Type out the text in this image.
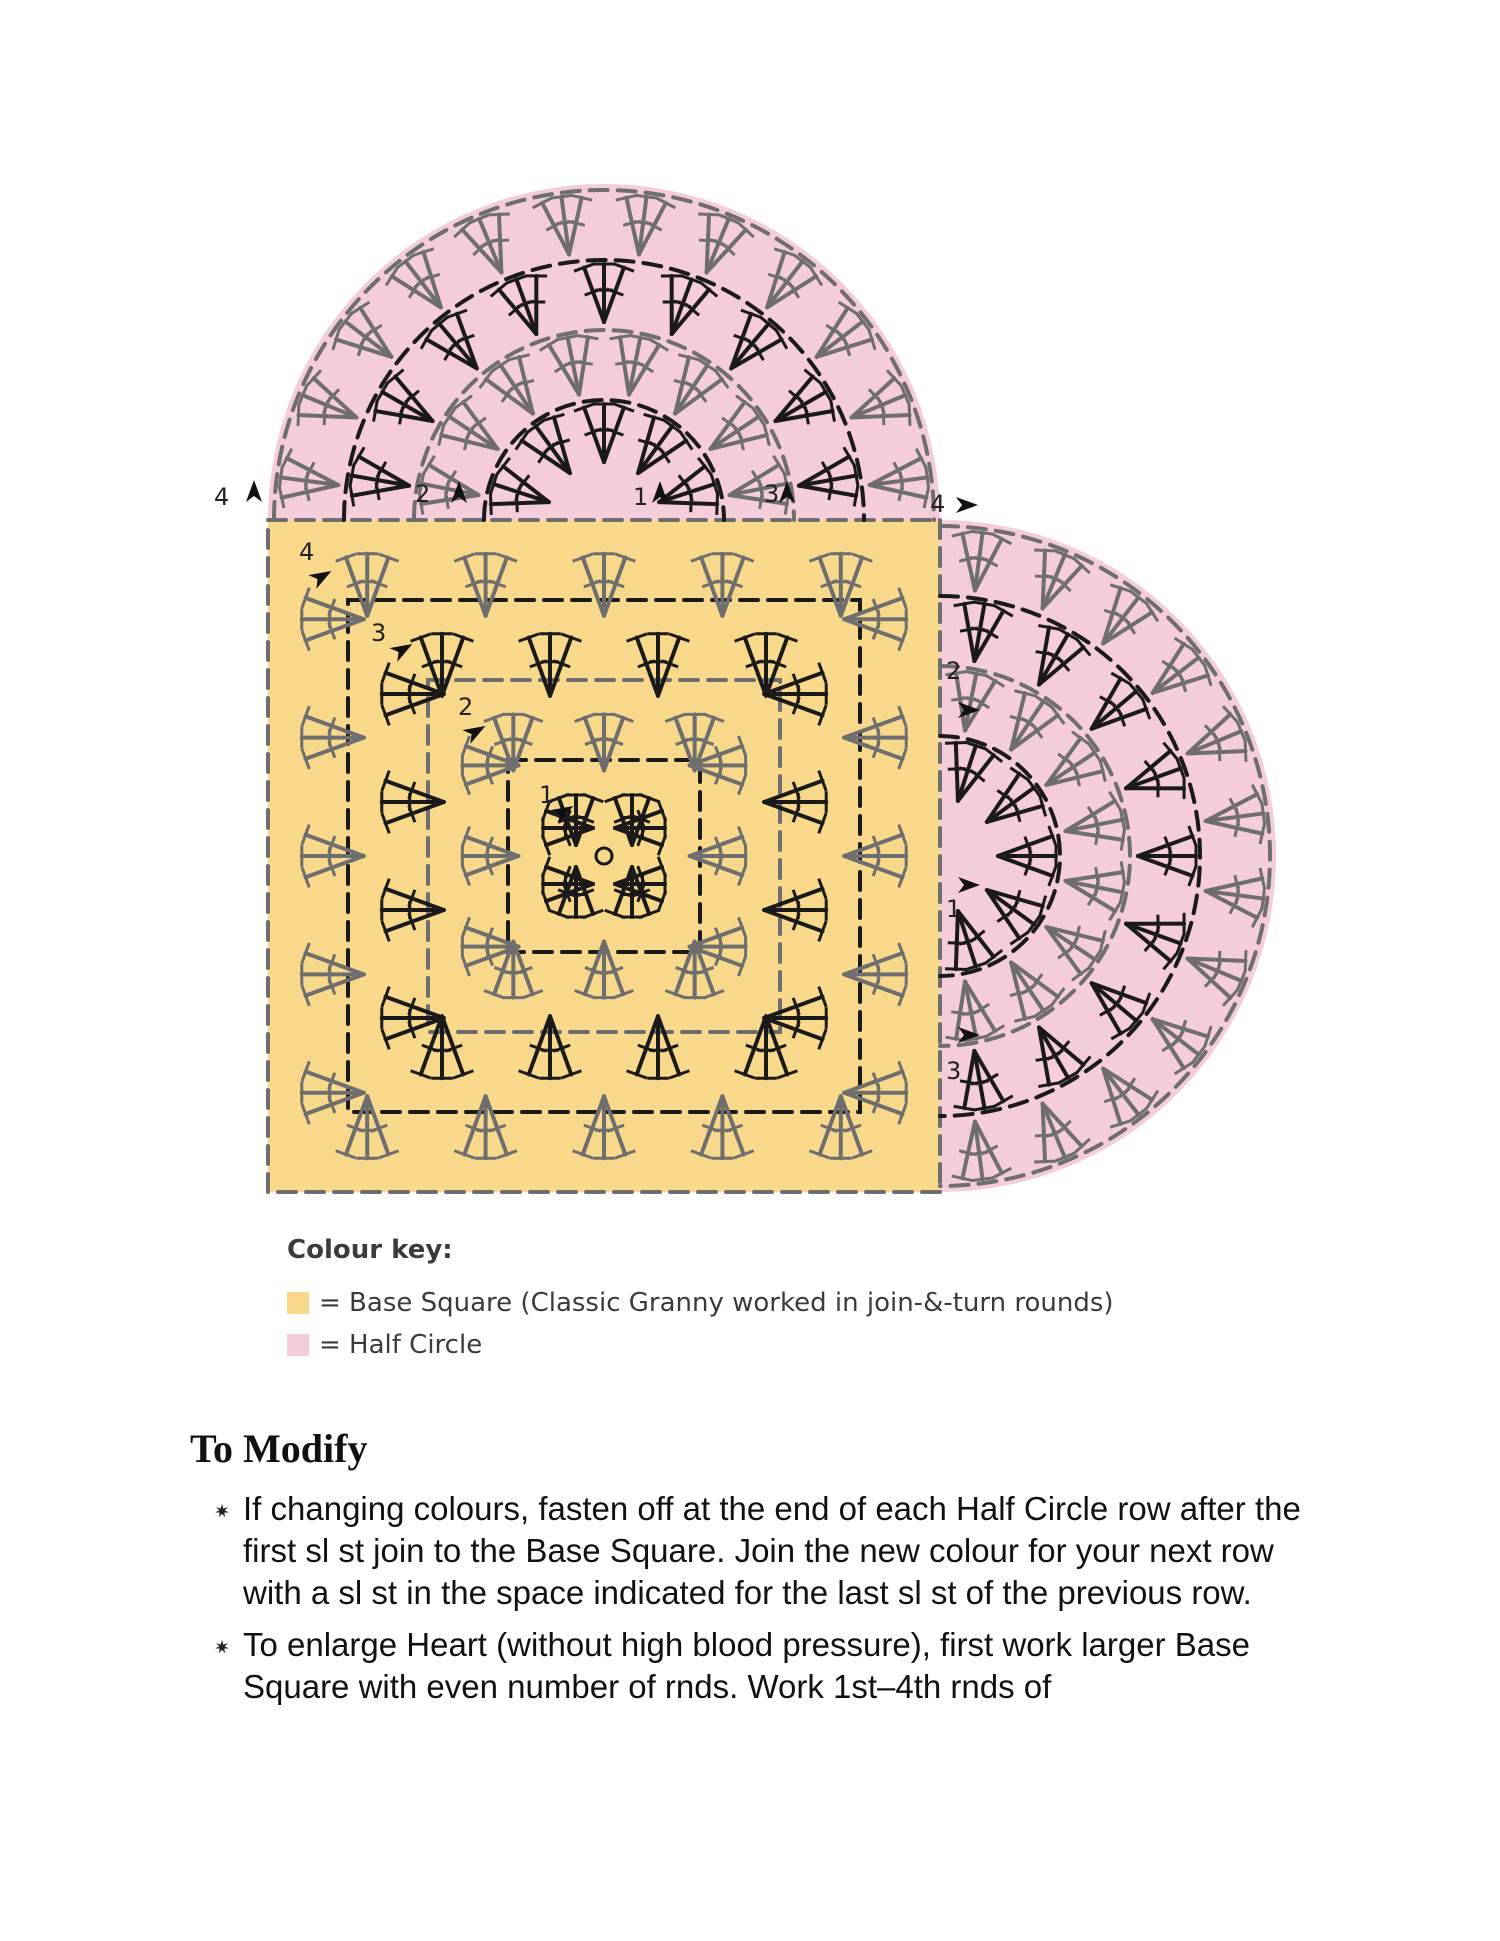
4	2	1	3	4
4
3
2
1
2
1
3
Colour key:
= Base Square (Classic Granny worked in join-&-turn rounds)
= Half Circle
To Modify
If changing colours, fasten off at the end of each Half Circle row after the first sl st join to the Base Square. Join the new colour for your next row with a sl st in the space indicated for the last sl st of the previous row.
To enlarge Heart (without high blood pressure), first work larger Base Square with even number of rnds. Work 1st–4th rnds of
